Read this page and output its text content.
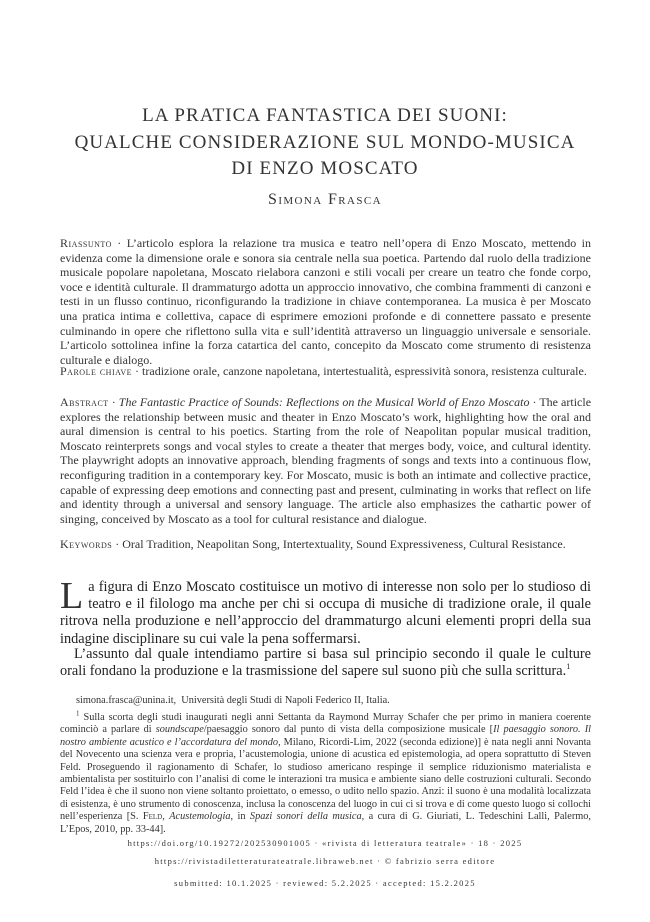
LA PRATICA FANTASTICA DEI SUONI:
QUALCHE CONSIDERAZIONE SUL MONDO-MUSICA
DI ENZO MOSCATO
Simona Frasca

Riassunto · L’articolo esplora la relazione tra musica e teatro nell’opera di Enzo Moscato, mettendo in evidenza come la dimensione orale e sonora sia centrale nella sua poetica. Partendo dal ruolo della tradizione musicale popolare napoletana, Moscato rielabora canzoni e stili vocali per creare un teatro che fonde corpo, voce e identità culturale. Il drammaturgo adotta un approccio innovativo, che combina frammenti di canzoni e testi in un flusso continuo, riconfigurando la tradizione in chiave contemporanea. La musica è per Moscato una pratica intima e collettiva, capace di esprimere emozioni profonde e di connettere passato e presente culminando in opere che riflettono sulla vita e sull’identità attraverso un linguaggio universale e sensoriale. L’articolo sottolinea infine la forza catartica del canto, concepito da Moscato come strumento di resistenza culturale e dialogo.

Parole chiave · tradizione orale, canzone napoletana, intertestualità, espressività sonora, resistenza culturale.

Abstract · The Fantastic Practice of Sounds: Reflections on the Musical World of Enzo Moscato · The article explores the relationship between music and theater in Enzo Moscato’s work, highlighting how the oral and aural dimension is central to his poetics. Starting from the role of Neapolitan popular musical tradition, Moscato reinterprets songs and vocal styles to create a theater that merges body, voice, and cultural identity. The playwright adopts an innovative approach, blending fragments of songs and texts into a continuous flow, reconfiguring tradition in a contemporary key. For Moscato, music is both an intimate and collective practice, capable of expressing deep emotions and connecting past and present, culminating in works that reflect on life and identity through a universal and sensory language. The article also emphasizes the cathartic power of singing, conceived by Moscato as a tool for cultural resistance and dialogue.

Keywords · Oral Tradition, Neapolitan Song, Intertextuality, Sound Expressiveness, Cultural Resistance.

La figura di Enzo Moscato costituisce un motivo di interesse non solo per lo studioso di teatro e il filologo ma anche per chi si occupa di musiche di tradizione orale, il quale ritrova nella produzione e nell’approccio del drammaturgo alcuni elementi propri della sua indagine disciplinare su cui vale la pena soffermarsi.

L’assunto dal quale intendiamo partire si basa sul principio secondo il quale le culture orali fondano la produzione e la trasmissione del sapere sul suono più che sulla scrittura.$^1$

simona.frasca@unina.it, Università degli Studi di Napoli Federico II, Italia.

$^1$ Sulla scorta degli studi inaugurati negli anni Settanta da Raymond Murray Schafer che per primo in maniera coerente cominciò a parlare di soundscape/paesaggio sonoro dal punto di vista della composizione musicale [Il paesaggio sonoro. Il nostro ambiente acustico e l’accordatura del mondo, Milano, Ricordi-Lim, 2022 (seconda edizione)] è nata negli anni Novanta del Novecento una scienza vera e propria, l’acustemologia, unione di acustica ed epistemologia, ad opera soprattutto di Steven Feld. Proseguendo il ragionamento di Schafer, lo studioso americano respinge il semplice riduzionismo materialista e ambientalista per sostituirlo con l’analisi di come le interazioni tra musica e ambiente siano delle costruzioni culturali. Secondo Feld l’idea è che il suono non viene soltanto proiettato, o emesso, o udito nello spazio. Anzi: il suono è una modalità localizzata di esistenza, è uno strumento di conoscenza, inclusa la conoscenza del luogo in cui ci si trova e di come questo luogo si collochi nell’esperienza [S. Feld, Acustemologia, in Spazi sonori della musica, a cura di G. Giuriati, L. Tedeschini Lalli, Palermo, L’Epos, 2010, pp. 33-44].

https://doi.org/10.19272/202530901005 · «rivista di letteratura teatrale» · 18 · 2025
https://rivistadiletteraturateatrale.libraweb.net · © fabrizio serra editore
submitted: 10.1.2025 · reviewed: 5.2.2025 · accepted: 15.2.2025
